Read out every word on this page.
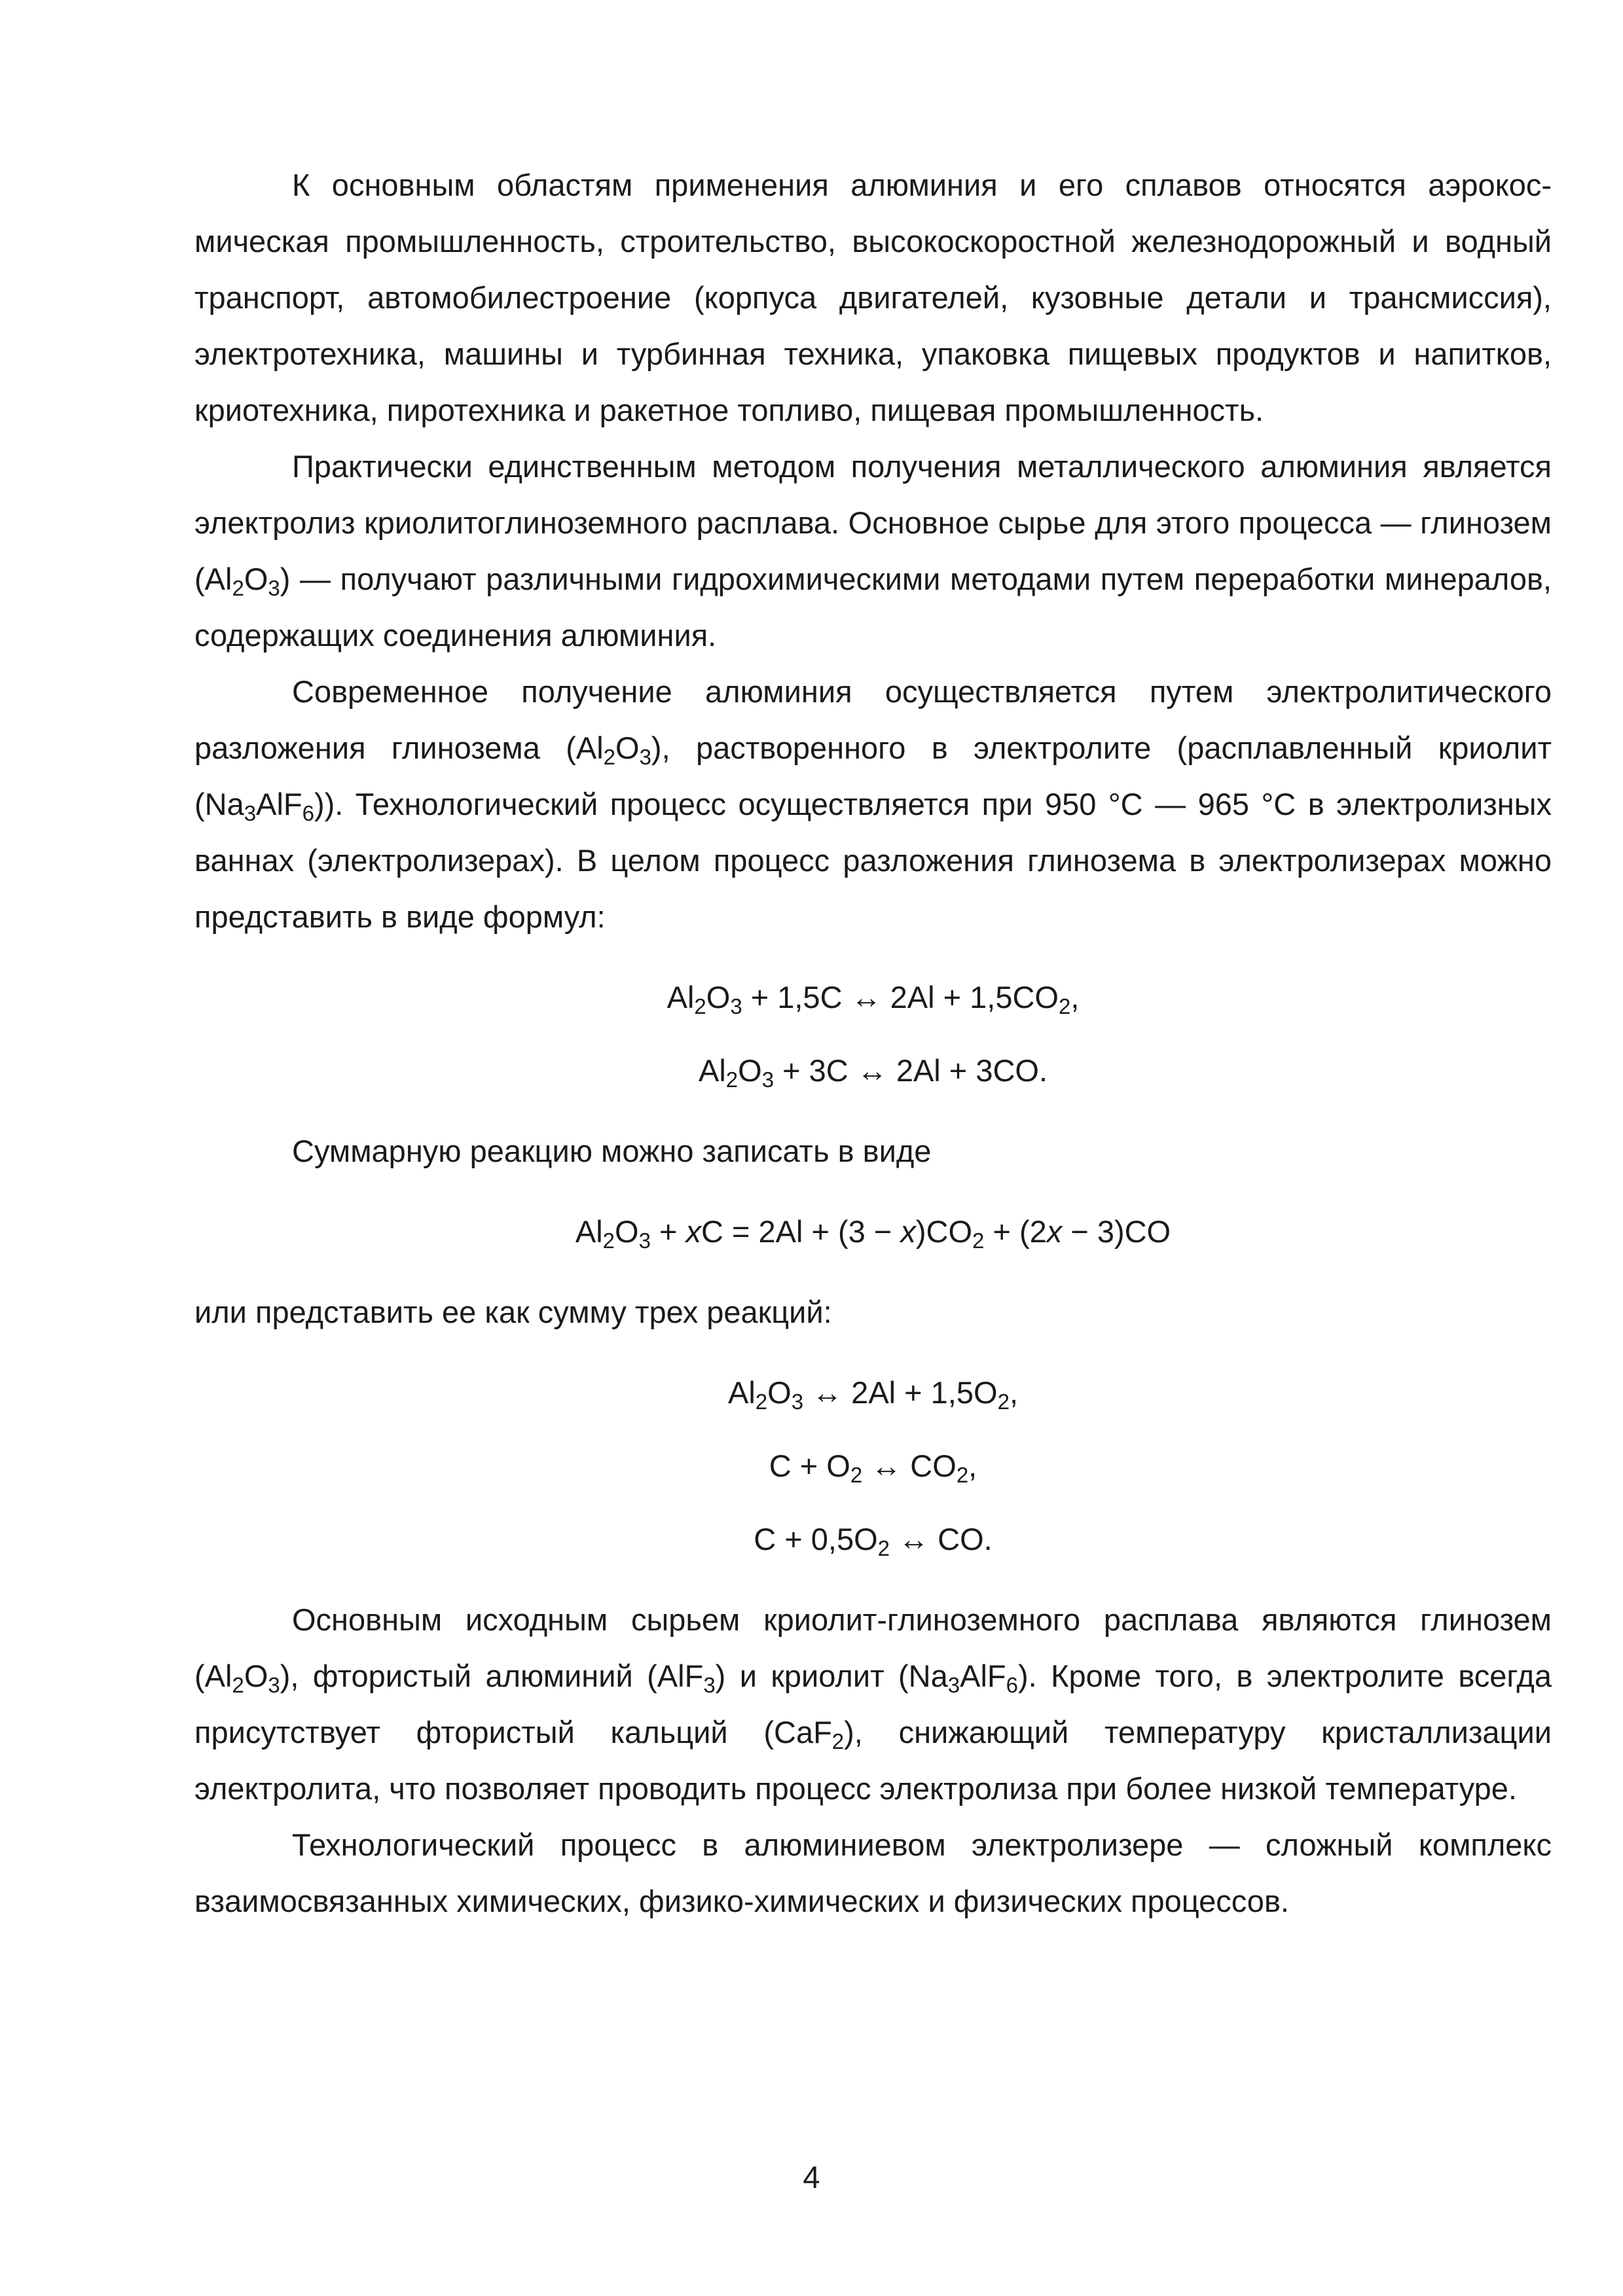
К основным областям применения алюминия и его сплавов относятся аэрокосмическая промышленность, строительство, высокоскоростной железнодорожный и водный транспорт, автомобилестроение (корпуса двигателей, кузовные детали и трансмиссия), электротехника, машины и турбинная техника, упаковка пищевых продуктов и напитков, криотехника, пиротехника и ракетное топливо, пищевая промышленность.

Практически единственным методом получения металлического алюминия является электролиз криолитоглиноземного расплава. Основное сырье для этого процесса — глинозем $(Al_2O_3)$ — получают различными гидрохимическими методами путем переработки минералов, содержащих соединения алюминия.

Современное получение алюминия осуществляется путем электролитического разложения глинозема $(Al_2O_3)$, растворенного в электролите (расплавленный криолит $(Na_3AlF_6)$). Технологический процесс осуществляется при 950 °С — 965 °С в электролизных ваннах (электролизерах). В целом процесс разложения глинозема в электролизерах можно представить в виде формул:

$Al_2O_3 + 1,5C$ ↔ $2Al + 1,5CO_2$,
$Al_2O_3 + 3C$ ↔ 2Al + 3CO.

Суммарную реакцию можно записать в виде

$Al_2O_3$ + xC = $2Al + (3 - x)CO_2 + (2x - 3)CO$

или представить ее как сумму трех реакций:

$Al_2O_3$ ↔ $2Al + 1,5O_2$,
$C + O_2$ ↔ $CO_2$,
$C + 0,5O_2$ ↔ CO.

Основным исходным сырьем криолит-глиноземного расплава являются глинозем $(Al_2O_3)$, фтористый алюминий (AlF$_3$) и криолит $(Na_3AlF_6)$. Кроме того, в электролите всегда присутствует фтористый кальций (CaF$_2$), снижающий температуру кристаллизации электролита, что позволяет проводить процесс электролиза при более низкой температуре.

Технологический процесс в алюминиевом электролизере — сложный комплекс взаимосвязанных химических, физико-химических и физических процессов.

4
